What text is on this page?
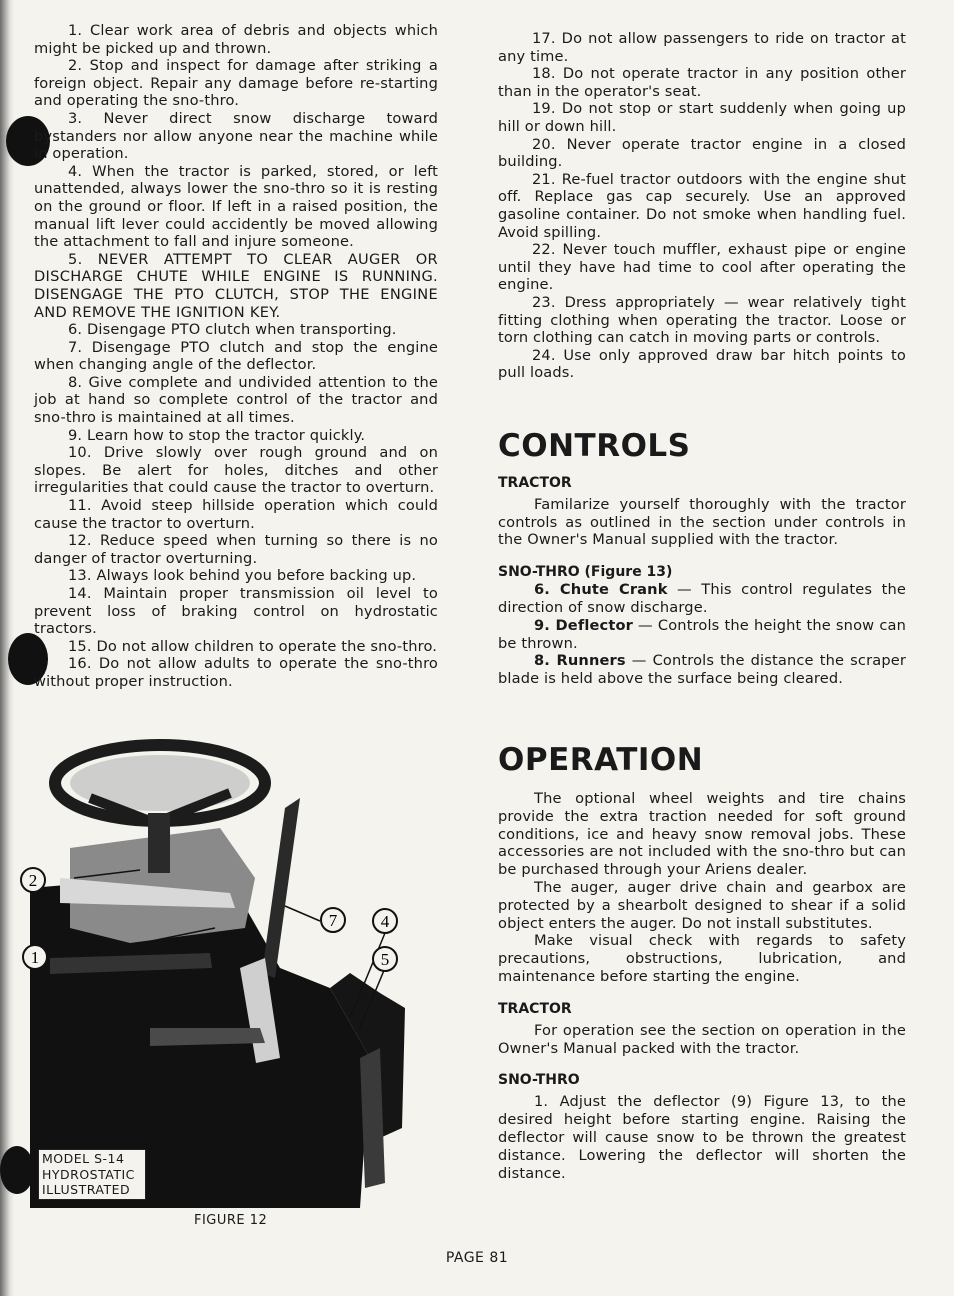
1. Clear work area of debris and objects which might be picked up and thrown.

2. Stop and inspect for damage after striking a foreign object. Repair any damage before re-starting and operating the sno-thro.

3. Never direct snow discharge toward bystanders nor allow anyone near the machine while in operation.

4. When the tractor is parked, stored, or left unattended, always lower the sno-thro so it is resting on the ground or floor. If left in a raised position, the manual lift lever could accidently be moved allowing the attachment to fall and injure someone.

5. NEVER ATTEMPT TO CLEAR AUGER OR DISCHARGE CHUTE WHILE ENGINE IS RUNNING. DISENGAGE THE PTO CLUTCH, STOP THE ENGINE AND REMOVE THE IGNITION KEY.

6. Disengage PTO clutch when transporting.

7. Disengage PTO clutch and stop the engine when changing angle of the deflector.

8. Give complete and undivided attention to the job at hand so complete control of the tractor and sno-thro is maintained at all times.

9. Learn how to stop the tractor quickly.

10. Drive slowly over rough ground and on slopes. Be alert for holes, ditches and other irregularities that could cause the tractor to overturn.

11. Avoid steep hillside operation which could cause the tractor to overturn.

12. Reduce speed when turning so there is no danger of tractor overturning.

13. Always look behind you before backing up.

14. Maintain proper transmission oil level to prevent loss of braking control on hydrostatic tractors.

15. Do not allow children to operate the sno-thro.

16. Do not allow adults to operate the sno-thro without proper instruction.

2
1
7	4
5
MODEL S-14
HYDROSTATIC
ILLUSTRATED
FIGURE 12

17. Do not allow passengers to ride on tractor at any time.

18. Do not operate tractor in any position other than in the operator's seat.

19. Do not stop or start suddenly when going up hill or down hill.

20. Never operate tractor engine in a closed building.

21. Re-fuel tractor outdoors with the engine shut off. Replace gas cap securely. Use an approved gasoline container. Do not smoke when handling fuel. Avoid spilling.

22. Never touch muffler, exhaust pipe or engine until they have had time to cool after operating the engine.

23. Dress appropriately — wear relatively tight fitting clothing when operating the tractor. Loose or torn clothing can catch in moving parts or controls.

24. Use only approved draw bar hitch points to pull loads.

CONTROLS
TRACTOR

Familarize yourself thoroughly with the tractor controls as outlined in the section under controls in the Owner's Manual supplied with the tractor.

SNO-THRO (Figure 13)

6. Chute Crank — This control regulates the direction of snow discharge.

9. Deflector — Controls the height the snow can be thrown.

8. Runners — Controls the distance the scraper blade is held above the surface being cleared.

OPERATION

The optional wheel weights and tire chains provide the extra traction needed for soft ground conditions, ice and heavy snow removal jobs. These accessories are not included with the sno-thro but can be purchased through your Ariens dealer.

The auger, auger drive chain and gearbox are protected by a shearbolt designed to shear if a solid object enters the auger. Do not install substitutes.

Make visual check with regards to safety precautions, obstructions, lubrication, and maintenance before starting the engine.

TRACTOR

For operation see the section on operation in the Owner's Manual packed with the tractor.

SNO-THRO

1. Adjust the deflector (9) Figure 13, to the desired height before starting engine. Raising the deflector will cause snow to be thrown the greatest distance. Lowering the deflector will shorten the distance.

PAGE 81
